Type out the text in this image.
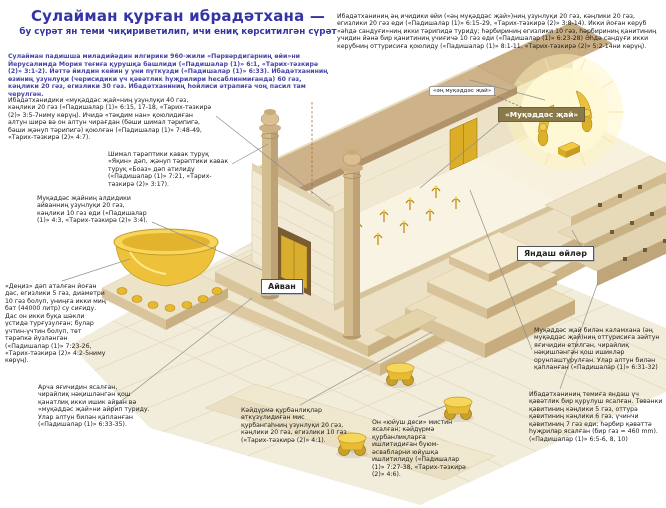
Сулайман қурған ибрадәтхана —
бу сүрәт ян теми чиқириветилип, ичи ениқ көрситилгән сүрәт
Сулайман падишша миладийәдин илгирики 960-жили «Пәрвәрдигарниң өйи»ни Йерусалимда Мория теғиға қурушқа башлиди («Падишалар (1)» 6:1, «Тарих-тәзкирә (2)» 3:1-2). Йәттә йилдин кейин у уни пүткүзди («Падишалар (1)» 6:33). Ибадәтханиниң өзиниң узунлуқи (черисидики үч қәвәтлик һуҗрилири һесаблинмиғанда) 60 гәз, кәңлики 20 гәз, егизлики 30 гәз. Ибадәтханиниң һойлиси әтрапиға чоң пасил там черулгән.
Ибадәтханиниң әң ичидики өйи («әң муқәддәс җай»)ниң узунлуқи 20 гәз, кәңлики 20 гәз, егизлики 20 гәз еди («Падишалар (1)» 6:15-29, «Тарих-тәзкирә (2)» 3:8-14). Икки йоған керуб «әһдә сандуғи»ниң икки тәрипидә туриду; һәрбириниң егизлики 10 гәз, һәрбириниң қанитиниң учидин йәнә бир қанитиниң учиғичә 10 гәз еди («Падишалар (1)» 6:23-28) Әһдә сандуғи икки керубниң оттурисиға қоюлиду («Падишалар (1)» 8:1-11, «Тарих-тәзкирә (2)» 5:2-14ни көрүң).
Ибадәтханидики «муқәддәс җай»ниң узунлуқи 40 гәз, кәңлики 20 гәз («Падишалар (1)» 6:15, 17-18, «Тарих-тәзкирә (2)» 3:5-7ниму көрүң). Ичидә «тәқдим нан» қоюлидиған алтун ширә вә он алтун чирағдан (бәши шимал тәрипигә, бәши җәнуп тәрипигә) қоюлған («Падишалар (1)» 7:48-49, «Тарих-тәзкирә (2)» 4:7).
Шимал тәрәптики кавак туруқ «Яқин» дәп, җәнуп тәрәптики кавак туруқ «Боаз» дәп атилиду («Падишалар (1)» 7:21, «Тарих-тәзкирә (2)» 3:17).
Муқәддәс җайниң алдидики айванниң узунлуқи 20 гәз, кәңлики 10 гәз еди («Падишалар (1)» 4:3, «Тарих-тәзкирә (2)» 3:4).
«Деңиз» дәп аталған йоған дас, егизлики 5 гәз, диаметри 10 гәз болуп, униңға икки миң бат (44000 литр) су сиғиду. Дас он икки буқа шәкли үстидә турғузулған; булар үчтин-үчтин болуп, төт тәрәпкә йүзләнгән («Падишалар (1)» 7:23-26, «Тарих-тәзкирә (2)» 4:2-5ниму көрүң).
Арча яғичидин ясалған, чирайлиқ нәқишләнгән қош қанатлиқ икки ишик айван вә «муқәддәс җай»ни айрип туриду. Улар алтун билән қапланған («Падишалар (1)» 6:33-35).
Кәйдүрмә қурбанлиқлар өткүзүлидиған мис қурбангаһниң узунлуқи 20 гәз, кәңлики 20 гәз, егизлики 10 гәз («Тарих-тәзкирә (2)» 4:1).
Он «юйуш деси» мистин ясалған; кәйдүрмә қурбанлиқларға ишлитидиған буюм-әсвабларни юйушқа ишлитилиду («Падишалар (1)» 7:27-38, «Тарих-тәзкирә (2)» 4:6).
Муқәддәс җай билән каламхана (әң муқәддәс җай)ниң оттурисиға зәйтун яғичидин етилгән, чирайлиқ нәқишләнгән қош ишикләр орунлаштурулған. Улар алтун билән қапланған («Падишалар (1)» 6:31-32)
Ибадәтханиниң темиға яндаш үч қәвәтлик бир қурулуш ясалған. Төвәнки қәвитиниң кәңлики 5 гәз, оттура қәвитиниң кәңлики 6 гәз, үчинчи қәвитиниң 7 гәз еди; һәрбир қәвәттә һуҗрилар ясалған (бир гәз = 460 mm). («Падишалар (1)» 6:5-6, 8, 10)
«әң муқәддәс җай»
«Муқәддәс җай»
Яндаш өйләр
Айван
